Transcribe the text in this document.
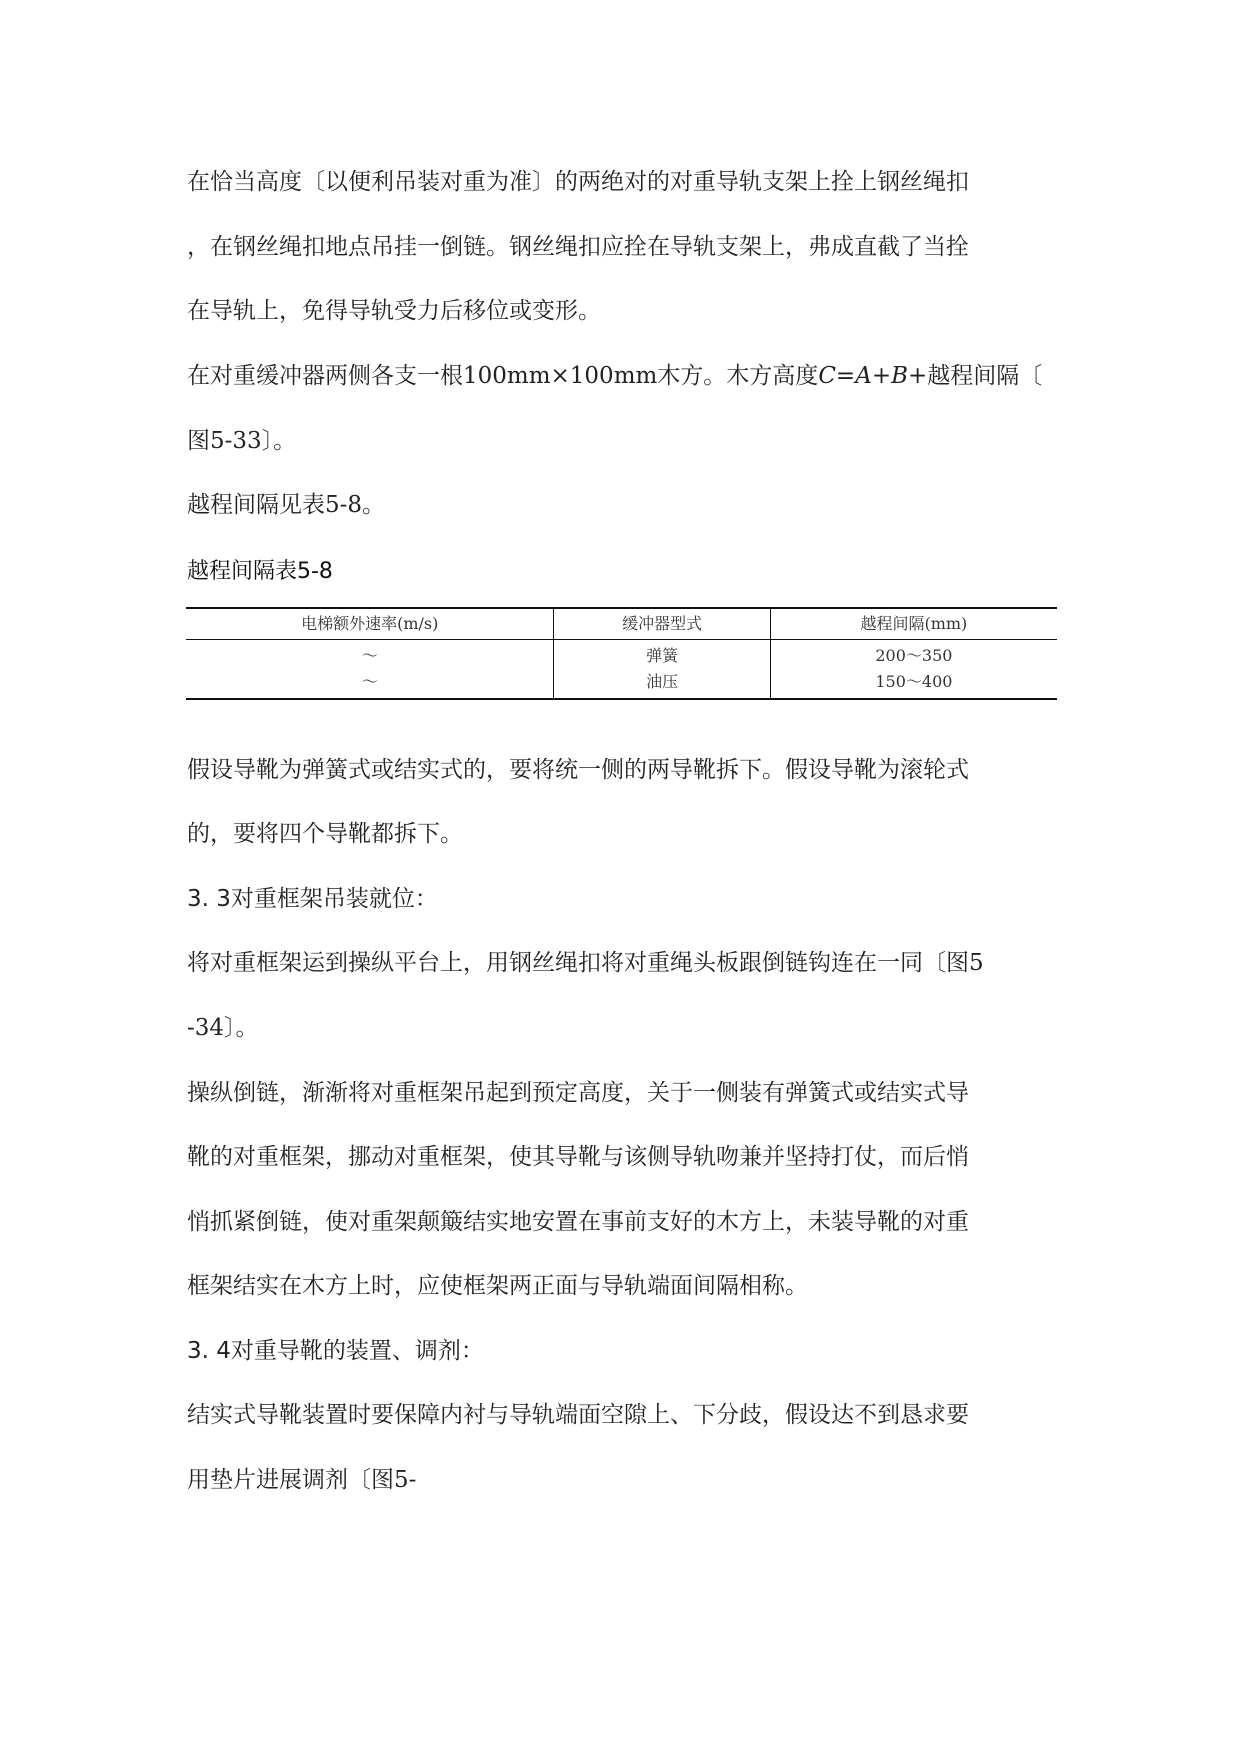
在恰当高度〔以便利吊装对重为准〕的两绝对的对重导轨支架上拴上钢丝绳扣
，在钢丝绳扣地点吊挂一倒链。钢丝绳扣应拴在导轨支架上，弗成直截了当拴
在导轨上，免得导轨受力后移位或变形。
在对重缓冲器两侧各支一根100mm×100mm木方。木方高度C=A+B+越程间隔〔
图5-33〕。
越程间隔见表5-8。
越程间隔表5-8
电梯额外速率(m/s)	缓冲器型式	越程间隔(mm)
～	弹簧	200～350
～	油压	150～400
假设导靴为弹簧式或结实式的，要将统一侧的两导靴拆下。假设导靴为滚轮式
的，要将四个导靴都拆下。
3. 3对重框架吊装就位：
将对重框架运到操纵平台上，用钢丝绳扣将对重绳头板跟倒链钩连在一同〔图5
-34〕。
操纵倒链，渐渐将对重框架吊起到预定高度，关于一侧装有弹簧式或结实式导
靴的对重框架，挪动对重框架，使其导靴与该侧导轨吻兼并坚持打仗，而后悄
悄抓紧倒链，使对重架颠簸结实地安置在事前支好的木方上，未装导靴的对重
框架结实在木方上时，应使框架两正面与导轨端面间隔相称。
3. 4对重导靴的装置、调剂：
结实式导靴装置时要保障内衬与导轨端面空隙上、下分歧，假设达不到恳求要
用垫片进展调剂〔图5-
